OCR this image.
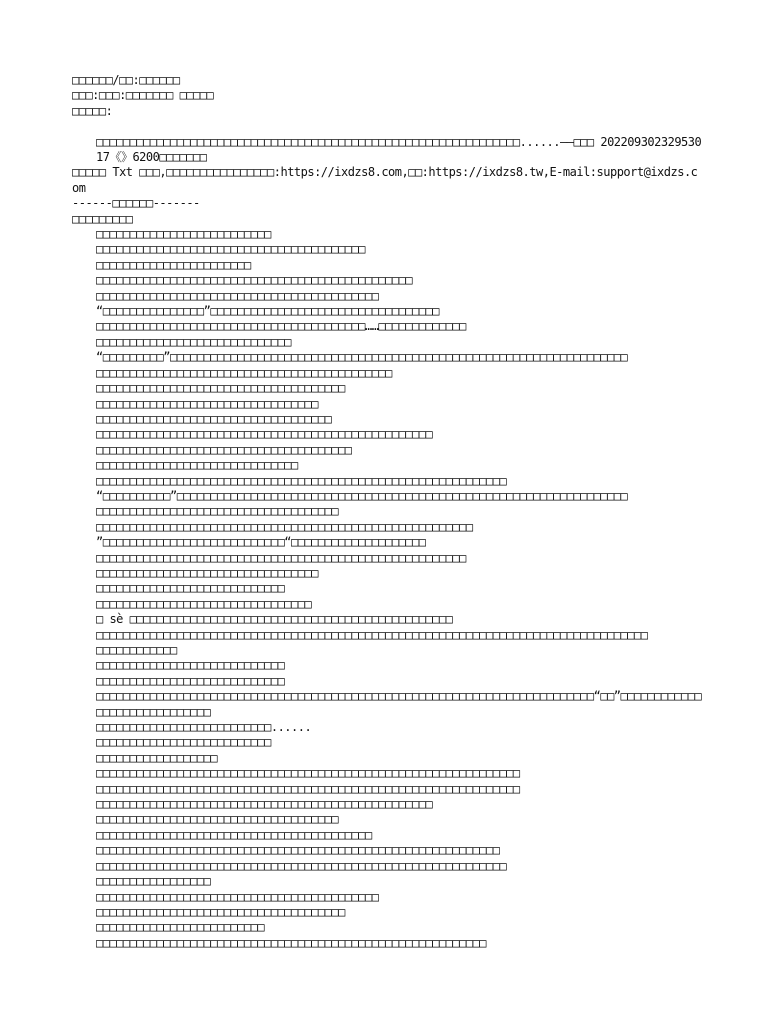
□□□□□□/□□:□□□□□□

□□□:□□□:□□□□□□□ □□□□□

□□□□□:

□□□□□□□□□□□□□□□□□□□□□□□□□□□□□□□□□□□□□□□□□□□□□□□□□□□□□□□□□□□□□□□......——□□□ 20220930232953017《》6200□□□□□□□

□□□□□ Txt □□□,□□□□□□□□□□□□□□□□:https://ixdzs8.com,□□:https://ixdzs8.tw,E-mail:support@ixdzs.com

------□□□□□□-------

□□□□□□□□□

□□□□□□□□□□□□□□□□□□□□□□□□□□

□□□□□□□□□□□□□□□□□□□□□□□□□□□□□□□□□□□□□□□□

□□□□□□□□□□□□□□□□□□□□□□□

□□□□□□□□□□□□□□□□□□□□□□□□□□□□□□□□□□□□□□□□□□□□□□□

□□□□□□□□□□□□□□□□□□□□□□□□□□□□□□□□□□□□□□□□□□

“□□□□□□□□□□□□□□□”□□□□□□□□□□□□□□□□□□□□□□□□□□□□□□□□□□

□□□□□□□□□□□□□□□□□□□□□□□□□□□□□□□□□□□□□□□□……□□□□□□□□□□□□□

□□□□□□□□□□□□□□□□□□□□□□□□□□□□□

“□□□□□□□□□”□□□□□□□□□□□□□□□□□□□□□□□□□□□□□□□□□□□□□□□□□□□□□□□□□□□□□□□□□□□□□□□□□□□□

□□□□□□□□□□□□□□□□□□□□□□□□□□□□□□□□□□□□□□□□□□□□

□□□□□□□□□□□□□□□□□□□□□□□□□□□□□□□□□□□□□

□□□□□□□□□□□□□□□□□□□□□□□□□□□□□□□□□

□□□□□□□□□□□□□□□□□□□□□□□□□□□□□□□□□□□

□□□□□□□□□□□□□□□□□□□□□□□□□□□□□□□□□□□□□□□□□□□□□□□□□□

□□□□□□□□□□□□□□□□□□□□□□□□□□□□□□□□□□□□□□

□□□□□□□□□□□□□□□□□□□□□□□□□□□□□□

□□□□□□□□□□□□□□□□□□□□□□□□□□□□□□□□□□□□□□□□□□□□□□□□□□□□□□□□□□□□□

“□□□□□□□□□□”□□□□□□□□□□□□□□□□□□□□□□□□□□□□□□□□□□□□□□□□□□□□□□□□□□□□□□□□□□□□□□□□□□□

□□□□□□□□□□□□□□□□□□□□□□□□□□□□□□□□□□□□

□□□□□□□□□□□□□□□□□□□□□□□□□□□□□□□□□□□□□□□□□□□□□□□□□□□□□□□□

”□□□□□□□□□□□□□□□□□□□□□□□□□□□“□□□□□□□□□□□□□□□□□□□□

□□□□□□□□□□□□□□□□□□□□□□□□□□□□□□□□□□□□□□□□□□□□□□□□□□□□□□□

□□□□□□□□□□□□□□□□□□□□□□□□□□□□□□□□□

□□□□□□□□□□□□□□□□□□□□□□□□□□□□

□□□□□□□□□□□□□□□□□□□□□□□□□□□□□□□□

□ sè □□□□□□□□□□□□□□□□□□□□□□□□□□□□□□□□□□□□□□□□□□□□□□□□

□□□□□□□□□□□□□□□□□□□□□□□□□□□□□□□□□□□□□□□□□□□□□□□□□□□□□□□□□□□□□□□□□□□□□□□□□□□□□□□□□□

□□□□□□□□□□□□

□□□□□□□□□□□□□□□□□□□□□□□□□□□□

□□□□□□□□□□□□□□□□□□□□□□□□□□□□

□□□□□□□□□□□□□□□□□□□□□□□□□□□□□□□□□□□□□□□□□□□□□□□□□□□□□□□□□□□□□□□□□□□□□□□□□□“□□”□□□□□□□□□□□□□□□□□□□□□□□□□□□□□

□□□□□□□□□□□□□□□□□□□□□□□□□□......

□□□□□□□□□□□□□□□□□□□□□□□□□□

□□□□□□□□□□□□□□□□□□

□□□□□□□□□□□□□□□□□□□□□□□□□□□□□□□□□□□□□□□□□□□□□□□□□□□□□□□□□□□□□□□

□□□□□□□□□□□□□□□□□□□□□□□□□□□□□□□□□□□□□□□□□□□□□□□□□□□□□□□□□□□□□□□

□□□□□□□□□□□□□□□□□□□□□□□□□□□□□□□□□□□□□□□□□□□□□□□□□□

□□□□□□□□□□□□□□□□□□□□□□□□□□□□□□□□□□□□

□□□□□□□□□□□□□□□□□□□□□□□□□□□□□□□□□□□□□□□□□

□□□□□□□□□□□□□□□□□□□□□□□□□□□□□□□□□□□□□□□□□□□□□□□□□□□□□□□□□□□□

□□□□□□□□□□□□□□□□□□□□□□□□□□□□□□□□□□□□□□□□□□□□□□□□□□□□□□□□□□□□□

□□□□□□□□□□□□□□□□□

□□□□□□□□□□□□□□□□□□□□□□□□□□□□□□□□□□□□□□□□□□

□□□□□□□□□□□□□□□□□□□□□□□□□□□□□□□□□□□□□

□□□□□□□□□□□□□□□□□□□□□□□□□

□□□□□□□□□□□□□□□□□□□□□□□□□□□□□□□□□□□□□□□□□□□□□□□□□□□□□□□□□□
